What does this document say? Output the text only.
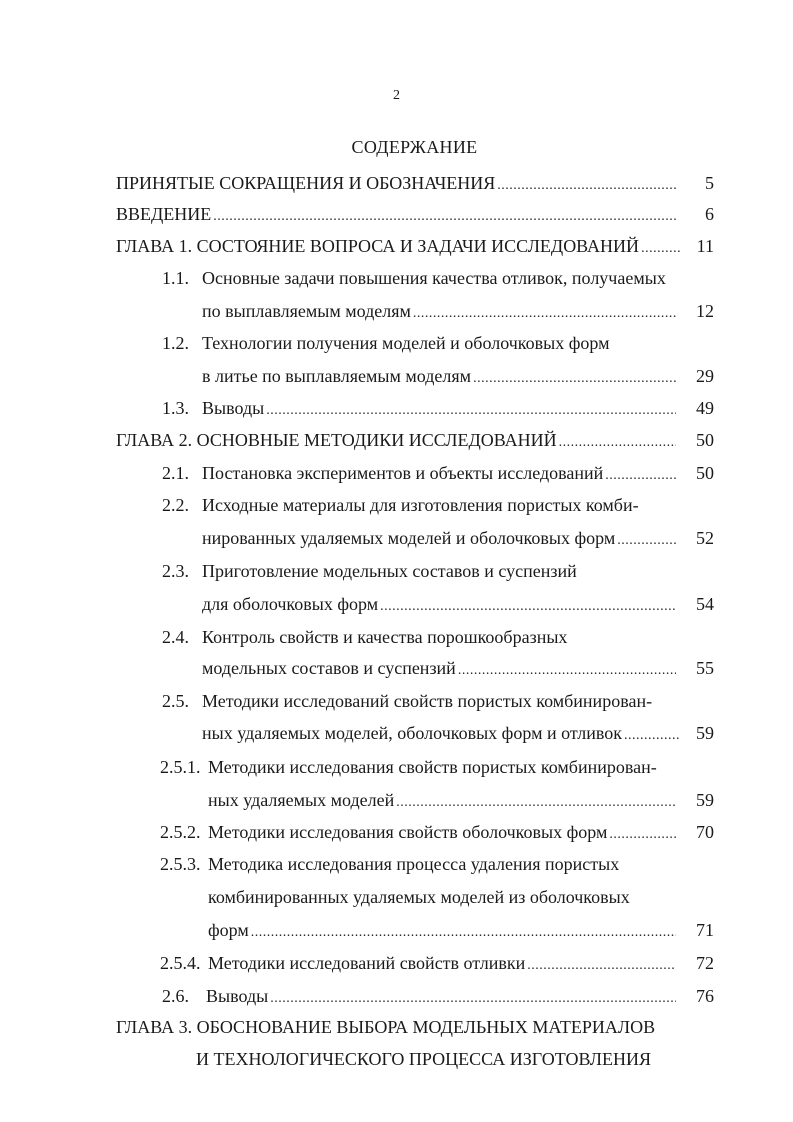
2
СОДЕРЖАНИЕ
ПРИНЯТЫЕ СОКРАЩЕНИЯ И ОБОЗНАЧЕНИЯ .....	5
ВВЕДЕНИЕ .....	6
ГЛАВА 1. СОСТОЯНИЕ ВОПРОСА И ЗАДАЧИ ИССЛЕДОВАНИЙ .....	11
1.1. Основные задачи повышения качества отливок, получаемых
по выплавляемым моделям .....	12
1.2. Технологии получения моделей и оболочковых форм
в литье по выплавляемым моделям .....	29
1.3. Выводы .....	49
ГЛАВА 2. ОСНОВНЫЕ МЕТОДИКИ ИССЛЕДОВАНИЙ .....	50
2.1. Постановка экспериментов и объекты исследований .....	50
2.2. Исходные материалы для изготовления пористых комби-
нированных удаляемых моделей и оболочковых форм .....	52
2.3. Приготовление модельных составов и суспензий
для оболочковых форм .....	54
2.4. Контроль свойств и качества порошкообразных
модельных составов и суспензий .....	55
2.5. Методики исследований свойств пористых комбинирован-
ных удаляемых моделей, оболочковых форм и отливок .....	59
2.5.1. Методики исследования свойств пористых комбинирован-
ных удаляемых моделей .....	59
2.5.2. Методики исследования свойств оболочковых форм .....	70
2.5.3. Методика исследования процесса удаления пористых
комбинированных удаляемых моделей из оболочковых
форм .....	71
2.5.4. Методики исследований свойств отливки .....	72
2.6. Выводы .....	76
ГЛАВА 3. ОБОСНОВАНИЕ ВЫБОРА МОДЕЛЬНЫХ МАТЕРИАЛОВ
И ТЕХНОЛОГИЧЕСКОГО ПРОЦЕССА ИЗГОТОВЛЕНИЯ
